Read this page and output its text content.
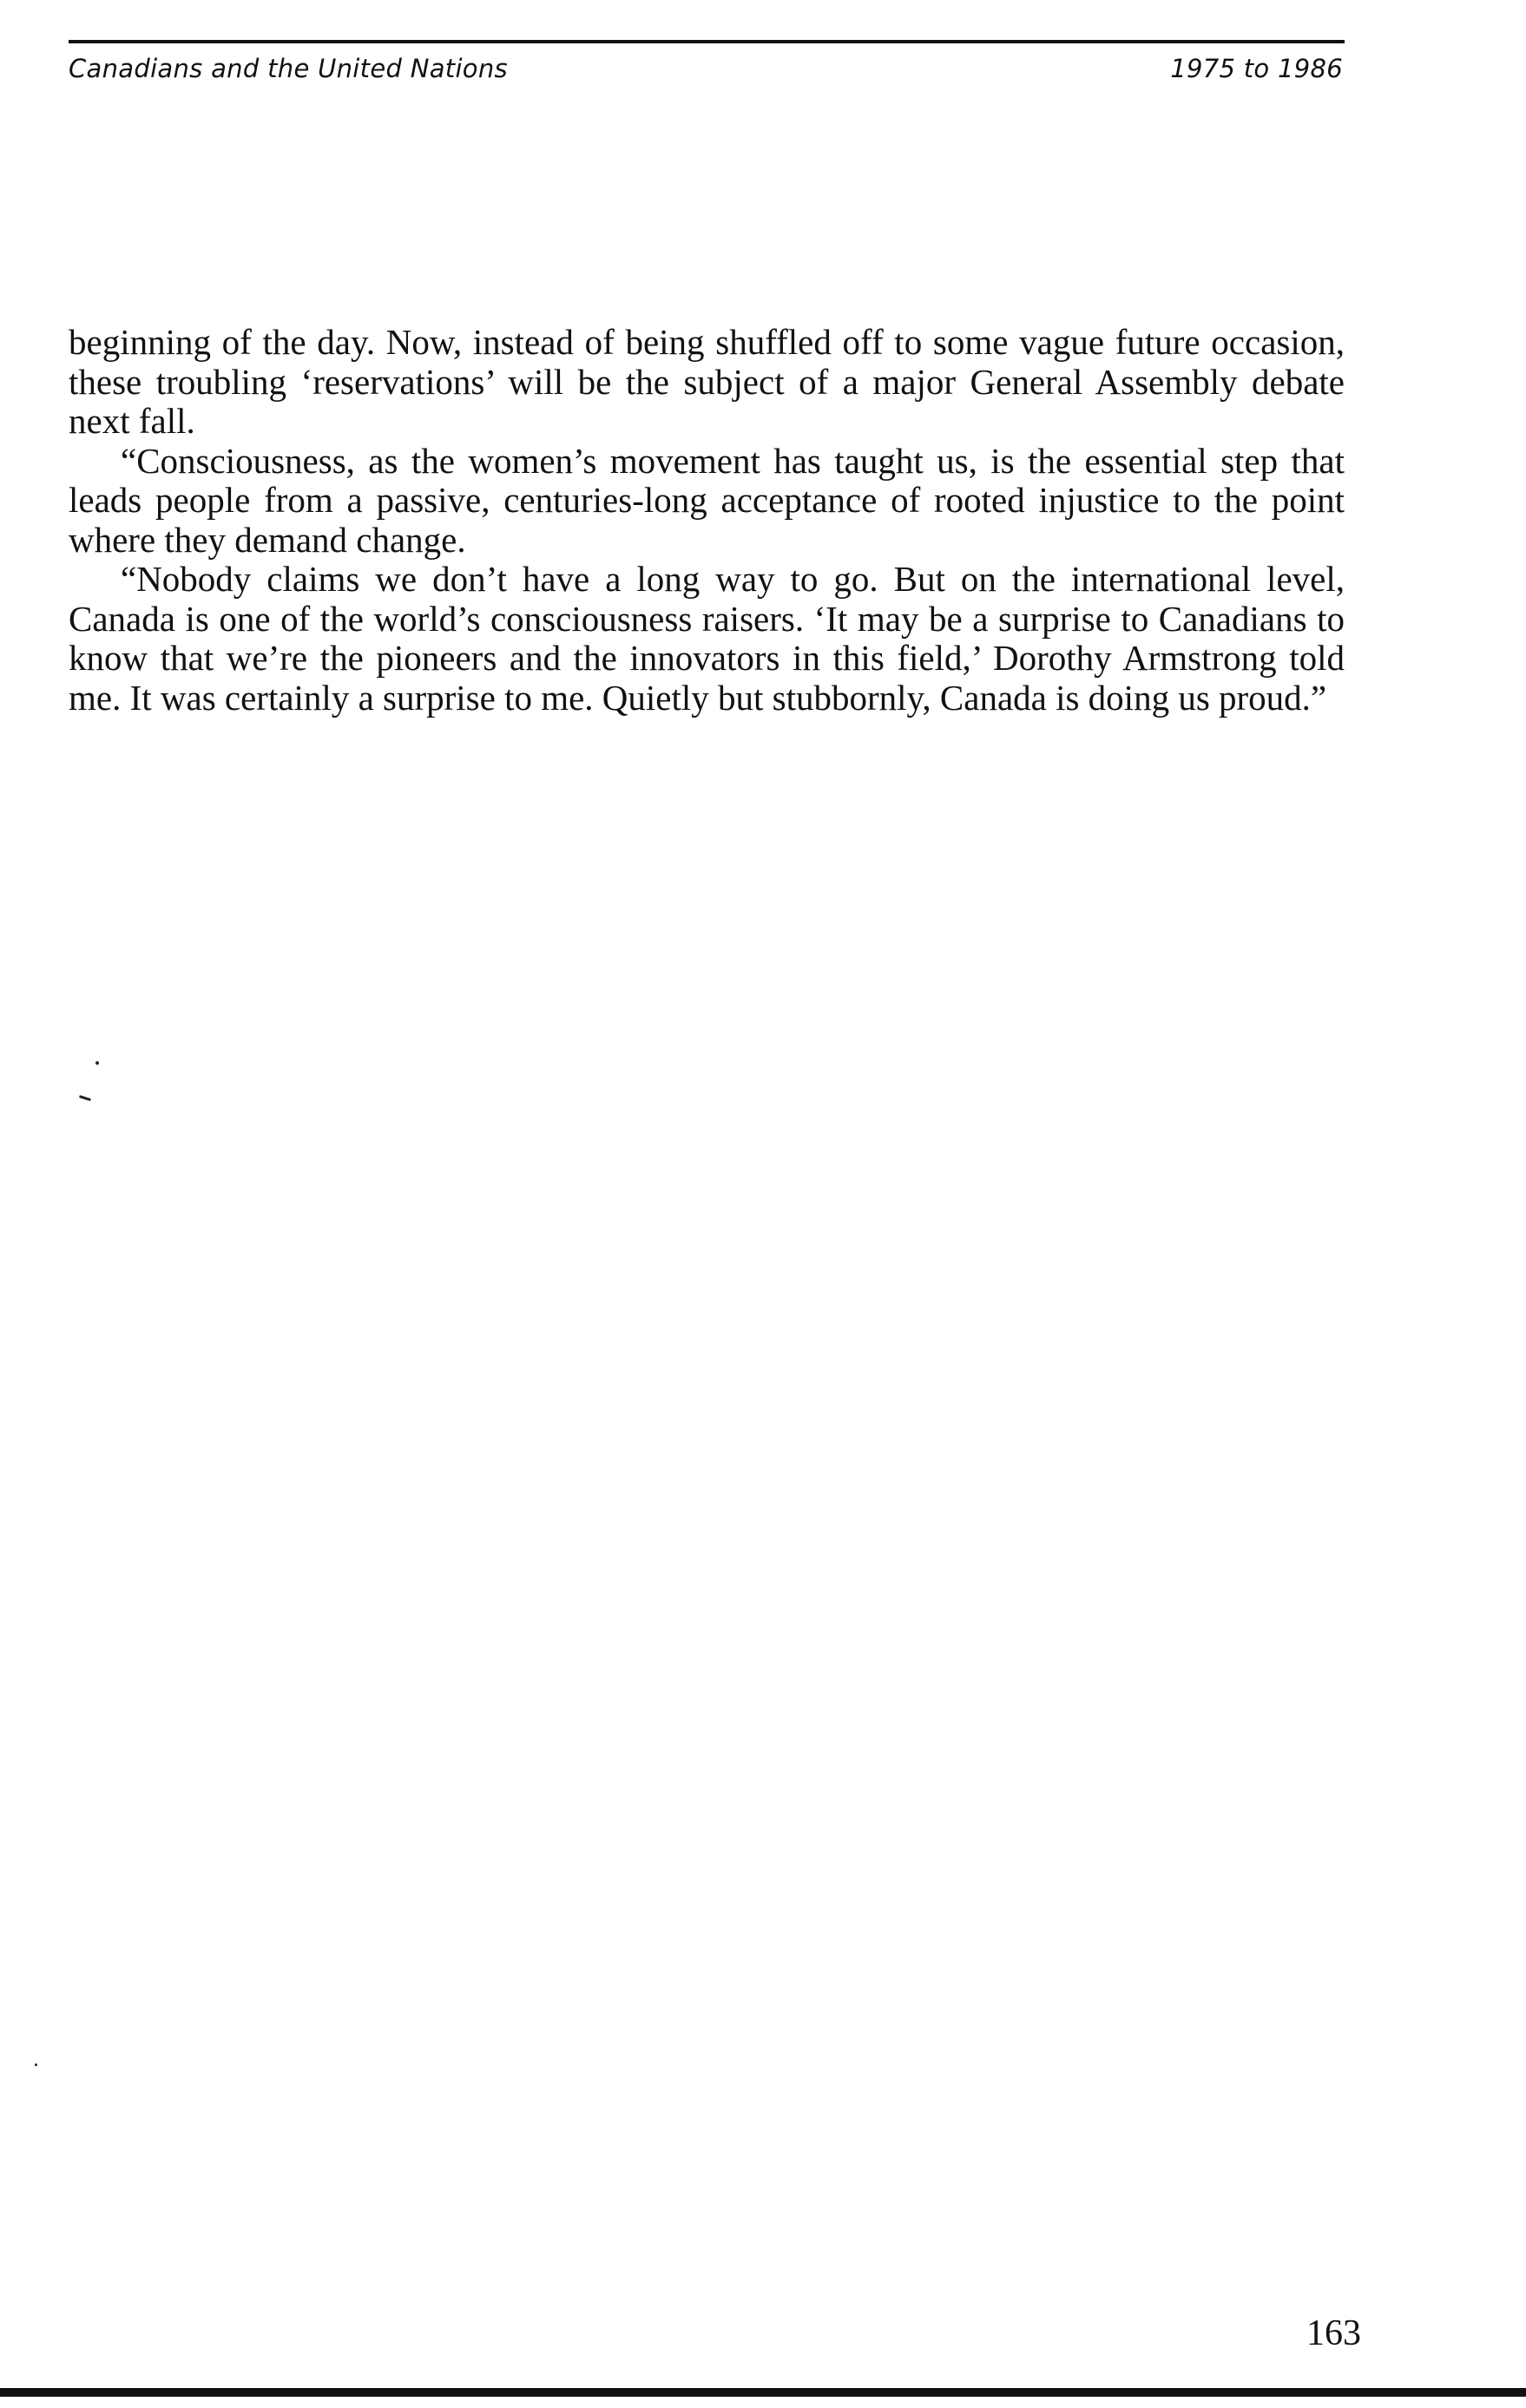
Canadians and the United Nations	1975 to 1986

beginning of the day. Now, instead of being shuffled off to some vague future occasion, these troubling ‘reservations’ will be the subject of a major General Assembly debate next fall.

“Consciousness, as the women’s movement has taught us, is the essential step that leads people from a passive, centuries-long acceptance of rooted injustice to the point where they demand change.

“Nobody claims we don’t have a long way to go. But on the international level, Canada is one of the world’s consciousness raisers. ‘It may be a surprise to Canadians to know that we’re the pioneers and the innovators in this field,’ Dorothy Armstrong told me. It was certainly a surprise to me. Quietly but stubbornly, Canada is doing us proud.”

163
